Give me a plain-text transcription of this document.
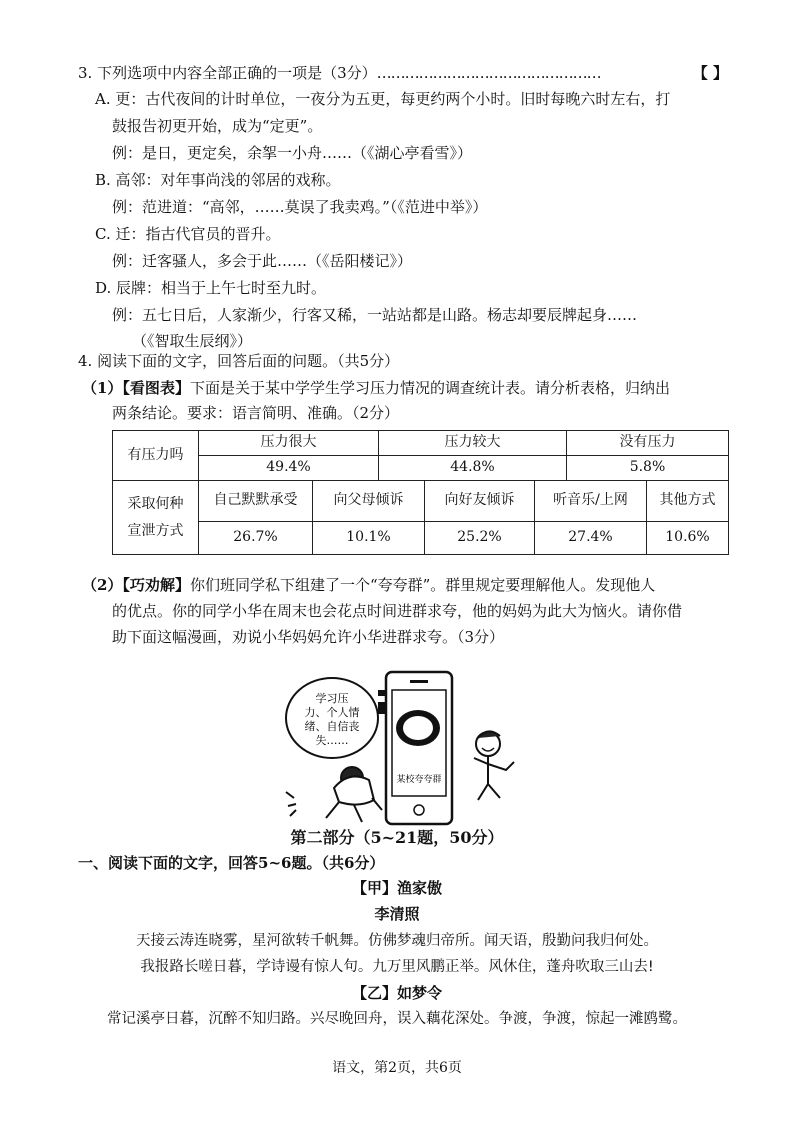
3. 下列选项中内容全部正确的一项是（3分）…………………………………………	【 】
A. 更：古代夜间的计时单位，一夜分为五更，每更约两个小时。旧时每晚六时左右，打
鼓报告初更开始，成为“定更”。
例：是日，更定矣，余挐一小舟……（《湖心亭看雪》）
B. 高邻：对年事尚浅的邻居的戏称。
例：范进道：“高邻，……莫误了我卖鸡。”（《范进中举》）
C. 迁：指古代官员的晋升。
例：迁客骚人，多会于此……（《岳阳楼记》）
D. 辰牌：相当于上午七时至九时。
例：五七日后，人家渐少，行客又稀，一站站都是山路。杨志却要辰牌起身……
（《智取生辰纲》）
4. 阅读下面的文字，回答后面的问题。（共5分）
（1）【看图表】下面是关于某中学学生学习压力情况的调查统计表。请分析表格，归纳出
两条结论。要求：语言简明、准确。（2分）
有压力吗	压力很大		压力较大			没有压力	
	49.4%		44.8%			5.8%	
采取何种
宣泄方式	自己默默承受	向父母倾诉		向好友倾诉	听音乐/上网		其他方式
	26.7%	10.1%		25.2%	27.4%		10.6%
（2）【巧劝解】你们班同学私下组建了一个“夸夸群”。群里规定要理解他人。发现他人
的优点。你的同学小华在周末也会花点时间进群求夸，他的妈妈为此大为恼火。请你借
助下面这幅漫画，劝说小华妈妈允许小华进群求夸。（3分）
学习压
力、个人情
绪、自信丧
失……
某校夸夸群
第二部分（5~21题，50分）
一、阅读下面的文字，回答5~6题。（共6分）
【甲】渔家傲
李清照
天接云涛连晓雾，星河欲转千帆舞。仿佛梦魂归帝所。闻天语，殷勤问我归何处。
我报路长嗟日暮，学诗谩有惊人句。九万里风鹏正举。风休住，蓬舟吹取三山去!
【乙】如梦令
常记溪亭日暮，沉醉不知归路。兴尽晚回舟，误入藕花深处。争渡，争渡，惊起一滩鸥鹭。
语文，第2页，共6页
